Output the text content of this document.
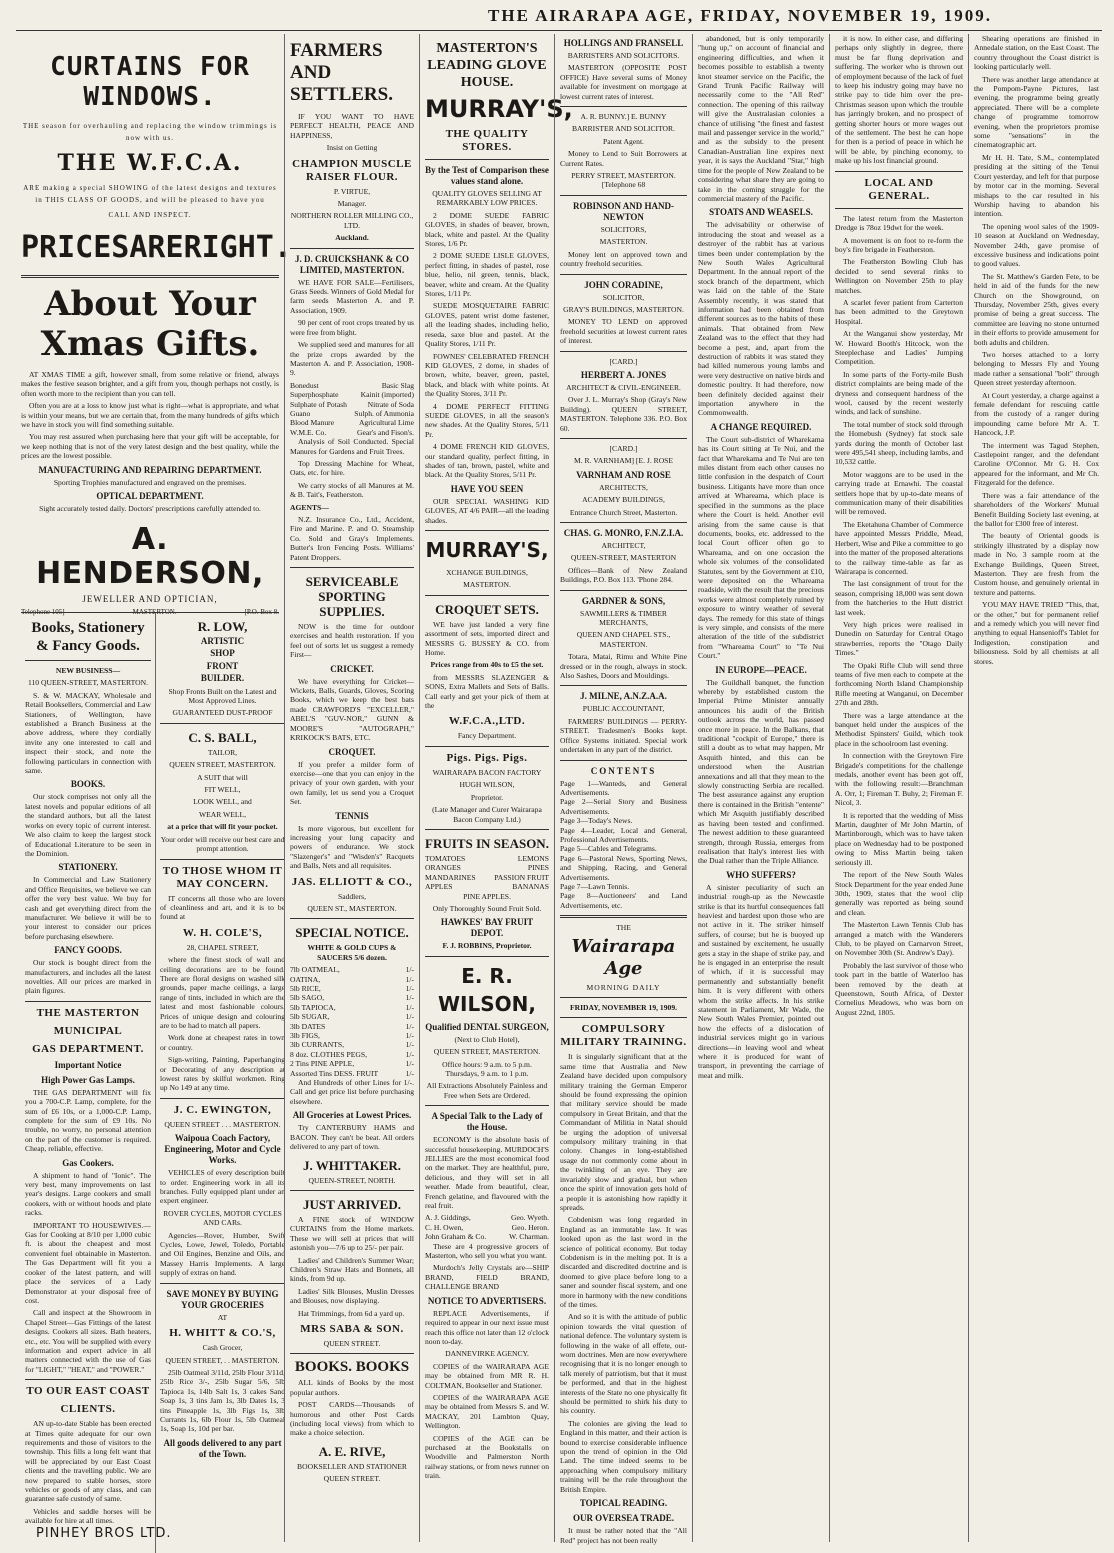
THE AIRARAPA AGE, FRIDAY, NOVEMBER 19, 1909.
CURTAINS FOR WINDOWS.

THE season for overhauling and replacing the window trimmings is now with us.

THE W.F.C.A.

ARE making a special SHOWING of the latest designs and textures in THIS CLASS OF GOODS, and will be pleased to have you

CALL AND INSPECT.

PRICES ARE RIGHT.
About Your Xmas Gifts.

AT XMAS TIME a gift, however small, from some relative or friend, always makes the festive season brighter, and a gift from you, though perhaps not costly, is often worth more to the recipient than you can tell.

Often you are at a loss to know just what is right—what is appropriate, and what is within your means, but we are certain that, from the many hundreds of gifts which we have in stock you will find something suitable.

You may rest assured when purchasing here that your gift will be acceptable, for we keep nothing that is not of the very latest design and the best quality, while the prices are the lowest possible.

MANUFACTURING AND REPAIRING DEPARTMENT.

Sporting Trophies manufactured and engraved on the premises.

OPTICAL DEPARTMENT.

Sight accurately tested daily. Doctors' prescriptions carefully attended to.

A. HENDERSON,

JEWELLER AND OPTICIAN,

Telephone 105]	MASTERTON.	[P.O. Box 8.
Books, Stationery & Fancy Goods.

NEW BUSINESS—

110 QUEEN-STREET, MASTERTON.

S. & W. MACKAY, Wholesale and Retail Booksellers, Commercial and Law Stationers, of Wellington, have established a Branch Business at the above address, where they cordially invite any one interested to call and inspect their stock, and note the following particulars in connection with same.

BOOKS.

Our stock comprises not only all the latest novels and popular editions of all the standard authors, but all the latest works on every topic of current interest. We also claim to keep the largest stock of Educational Literature to be seen in the Dominion.

STATIONERY.

In Commercial and Law Stationery and Office Requisites, we believe we can offer the very best value. We buy for cash and get everything direct from the manufacturer. We believe it will be to your interest to consider our prices before purchasing elsewhere.

FANCY GOODS.

Our stock is bought direct from the manufacturers, and includes all the latest novelties. All our prices are marked in plain figures.

THE MASTERTON
MUNICIPAL
GAS DEPARTMENT.
Important Notice
High Power Gas Lamps.

THE GAS DEPARTMENT will fix you a 700-C.P. Lamp, complete, for the sum of £6 10s, or a 1,000-C.P. Lamp, complete for the sum of £9 10s. No trouble, no worry, no personal attention on the part of the customer is required. Cheap, reliable, effective.

Gas Cookers.

A shipment to hand of "Ionic". The very best, many improvements on last year's designs. Large cookers and small cookers, with or without hoods and plate racks.

IMPORTANT TO HOUSEWIVES.—Gas for Cooking at 8/10 per 1,000 cubic ft. is about the cheapest and most convenient fuel obtainable in Masterton. The Gas Department will fit you a cooker of the latest pattern, and will place the services of a Lady Demonstrator at your disposal free of cost.

Call and inspect at the Showroom in Chapel Street—Gas Fittings of the latest designs. Cookers all sizes. Bath heaters, etc., etc. You will be supplied with every information and expert advice in all matters connected with the use of Gas for "LIGHT," "HEAT," and "POWER."

TO OUR EAST COAST
CLIENTS.

AN up-to-date Stable has been erected at Times quite adequate for our own requirements and those of visitors to the township. This fills a long felt want that will be appreciated by our East Coast clients and the travelling public. We are now prepared to stable horses, store vehicles or goods of any class, and can guarantee safe custody of same.

Vehicles and saddle horses will be available for hire at all times.

R. LOW,

ARTISTIC

SHOP

FRONT

BUILDER.

Shop Fronts Built on the Latest and Most Approved Lines.

GUARANTEED DUST-PROOF

C. S. BALL,

TAILOR,

QUEEN STREET, MASTERTON.

A SUIT that will

FIT WELL,

LOOK WELL, and

WEAR WELL,

at a price that will fit your pocket.

Your order will receive our best care and prompt attention.

TO THOSE WHOM IT MAY CONCERN.

IT concerns all those who are lovers of cleanliness and art, and it is to be found at

W. H. COLE'S,

28, CHAPEL STREET,

where the finest stock of wall and ceiling decorations are to be found. There are floral designs on washed silk grounds, paper mache ceilings, a large range of tints, included in which are the latest and most fashionable colours. Prices of unique design and colouring are to be had to match all papers.

Work done at cheapest rates in town or country.

Sign-writing, Painting, Paperhanging or Decorating of any description at lowest rates by skilful workmen. Ring up No 149 at any time.

J. C. EWINGTON,

QUEEN STREET . . . MASTERTON.

Waipoua Coach Factory, Engineering, Motor and Cycle Works.

VEHICLES of every description built to order. Engineering work in all its branches. Fully equipped plant under an expert engineer.

ROVER CYCLES, MOTOR CYCLES AND CARs.

Agencies—Rover, Humber, Swift Cycles, Lowe, Jewel, Toledo, Portable and Oil Engines, Benzine and Oils, and Massey Harris Implements. A large supply of extras on hand.

SAVE MONEY BY BUYING YOUR GROCERIES

AT

H. WHITT & CO.'S,

Cash Grocer,

QUEEN STREET, . . MASTERTON.

25lb Oatmeal 3/11d, 25lb Flour 3/11d, 25lb Rice 3/-, 25lb Sugar 5/6, 5lb Tapioca 1s, 14lb Salt 1s, 3 cakes Sand Soap 1s, 3 tins Jam 1s, 3lb Dates 1s, 3 tins Pineapple 1s, 3lb Figs 1s, 3lb Currants 1s, 6lb Flour 1s, 5lb Oatmeal 1s, Soap 1s, 10d per bar.

All goods delivered to any part of the Town.
PINHEY BROS LTD.
FARMERS AND SETTLERS.

IF YOU WANT TO HAVE PERFECT HEALTH, PEACE AND HAPPINESS,

Insist on Getting

CHAMPION MUSCLE RAISER FLOUR.

P. VIRTUE,

Manager.

NORTHERN ROLLER MILLING CO., LTD.

Auckland.

J. D. CRUICKSHANK & CO LIMITED, MASTERTON.

WE HAVE FOR SALE—Fertilisers, Grass Seeds. Winners of Gold Medal for farm seeds Masterton A. and P. Association, 1909.

90 per cent of root crops treated by us were free from blight.

We supplied seed and manures for all the prize crops awarded by the Masterton A. and P. Association, 1908-9.

Bonedust	Basic Slag
Superphosphate	Kainit (imported)
Sulphate of Potash	Nitrate of Soda
Guano	Sulph. of Ammonia
Blood Manure	Agricultural Lime
W.M.E. Co.	Gear's and Fison's.

Analysis of Soil Conducted. Special Manures for Gardens and Fruit Trees.

Top Dressing Machine for Wheat, Oats, etc. for hire.

We carry stocks of all Manures at M. & B. Tait's, Featherston.

AGENTS—

N.Z. Insurance Co., Ltd., Accident, Fire and Marine. P. and O. Steamship Co. Sold and Gray's Implements. Butter's Iron Fencing Posts. Williams' Patent Droppers.

SERVICEABLE SPORTING SUPPLIES.

NOW is the time for outdoor exercises and health restoration. If you feel out of sorts let us suggest a remedy First—

CRICKET.

We have everything for Cricket—Wickets, Balls, Guards, Gloves, Scoring Books, which we keep the best bats made CRAWFORD'S "EXCELLER," ABEL'S "GUV-NOR," GUNN & MOORE'S "AUTOGRAPH," KRIKOCK'S BATS, ETC.

CROQUET.

If you prefer a milder form of exercise—one that you can enjoy in the privacy of your own garden, with your own family, let us send you a Croquet Set.

TENNIS

Is more vigorous, but excellent for increasing your lung capacity and powers of endurance. We stock "Slazenger's" and "Wisden's" Racquets and Balls, Nets and all requisites.

JAS. ELLIOTT & CO.,

Saddlers,

QUEEN ST., MASTERTON.

SPECIAL NOTICE.

WHITE & GOLD CUPS & SAUCERS 5/6 dozen.

7lb OATMEAL,	1/-
OATINA,	1/-
5lb RICE,	1/-
5lb SAGO,	1/-
5lb TAPIOCA,	1/-
5lb SUGAR,	1/-
3lb DATES	1/-
3lb FIGS,	1/-
3lb CURRANTS,	1/-
8 doz. CLOTHES PEGS,	1/-
2 Tins PINE APPLE,	1/-
Assorted Tins DESS. FRUIT	1/-

And Hundreds of other Lines for 1/-. Call and get price list before purchasing elsewhere.

All Groceries at Lowest Prices.

Try CANTERBURY HAMS and BACON. They can't be beat. All orders delivered to any part of town.

J. WHITTAKER.

QUEEN-STREET, NORTH.

JUST ARRIVED.

A FINE stock of WINDOW CURTAINS from the Home markets. These we will sell at prices that will astonish you—7/6 up to 25/- per pair.

Ladies' and Children's Summer Wear; Children's Straw Hats and Bonnets, all kinds, from 9d up.

Ladies' Silk Blouses, Muslin Dresses and Blouses, now displaying.

Hat Trimmings, from 6d a yard up.

MRS SABA & SON.

QUEEN STREET.

BOOKS. BOOKS

ALL kinds of Books by the most popular authors.

POST CARDS—Thousands of humorous and other Post Cards (including local views) from which to make a choice selection.

A. E. RIVE,

BOOKSELLER AND STATIONER

QUEEN STREET.

MASTERTON'S LEADING GLOVE HOUSE.
MURRAY'S,
THE QUALITY STORES.
By the Test of Comparison these values stand alone.

QUALITY GLOVES SELLING AT REMARKABLY LOW PRICES.

2 DOME SUEDE FABRIC GLOVES, in shades of beaver, brown, black, white and pastel. At the Quality Stores, 1/6 Pr.

2 DOME SUEDE LISLE GLOVES, perfect fitting, in shades of pastel, rose blue, helio, nil green, tennis, black, beaver, white and cream. At the Quality Stores, 1/11 Pr.

SUEDE MOSQUETAIRE FABRIC GLOVES, patent wrist dome fastener, all the leading shades, including helio, reseda, saxe blue and pastel. At the Quality Stores, 1/11 Pr.

FOWNES' CELEBRATED FRENCH KID GLOVES, 2 dome, in shades of brown, white, beaver, green, pastel, black, and black with white points. At the Quality Stores, 3/11 Pr.

4 DOME PERFECT FITTING SUEDE GLOVES, in all the season's new shades. At the Quality Stores, 5/11 Pr.

4 DOME FRENCH KID GLOVES, our standard quality, perfect fitting, in shades of tan, brown, pastel, white and black. At the Quality Stores, 5/11 Pr.

HAVE YOU SEEN

OUR SPECIAL WASHING KID GLOVES, AT 4/6 PAIR—all the leading shades.

MURRAY'S,

XCHANGE BUILDINGS,

MASTERTON.

CROQUET SETS.

WE have just landed a very fine assortment of sets, imported direct and MESSRS G. BUSSEY & CO. from Home.

Prices range from 40s to £5 the set.

from MESSRS SLAZENGER & SONS, Extra Mallets and Sets of Balls. Call early and get your pick of them at the

W.F.C.A.,LTD.

Fancy Department.

Pigs. Pigs. Pigs.

WAIRARAPA BACON FACTORY

HUGH WILSON,

Proprietor.

(Late Manager and Curer Wairarapa Bacon Company Ltd.)

FRUITS IN SEASON.
TOMATOES	LEMONS
ORANGES	PINES
MANDARINES PASSION FRUIT
APPLES	BANANAS

PINE APPLES.

Only Thoroughly Sound Fruit Sold.

HAWKES' BAY FRUIT DEPOT.

F. J. ROBBINS, Proprietor.

E. R. WILSON,
Qualified DENTAL SURGEON,

(Next to Club Hotel),

QUEEN STREET, MASTERTON.

Office hours: 9 a.m. to 5 p.m. Thursdays, 9 a.m. to 1 p.m.

All Extractions Absolutely Painless and Free when Sets are Ordered.

A Special Talk to the Lady of the House.

ECONOMY is the absolute basis of successful housekeeping. MURDOCH'S JELLIES are the most economical food on the market. They are healthful, pure, delicious, and they will set in all weather. Made from beautiful, clear, French gelatine, and flavoured with the real fruit.

A. J. Giddings,	Geo. Wyeth.
C. H. Owen,	Geo. Heron.
John Graham & Co.	W. Charman.

These are 4 progressive grocers of Masterton, who sell you what you want.

Murdoch's Jelly Crystals are—SHIP BRAND, FIELD BRAND, CHALLENGE BRAND

NOTICE TO ADVERTISERS.

REPLACE Advertisements, if required to appear in our next issue must reach this office not later than 12 o'clock noon to-day.

DANNEVIRKE AGENCY.

COPIES of the WAIRARAPA AGE may be obtained from MR R. H. COLTMAN, Bookseller and Stationer.

COPIES of the WAIRARAPA AGE may be obtained from Messrs S. and W. MACKAY, 201 Lambton Quay, Wellington.

COPIES of the AGE can be purchased at the Bookstalls on Woodville and Palmerston North railway stations, or from news runner on train.

HOLLINGS AND FRANSELL

BARRISTERS AND SOLICITORS.

MASTERTON (OPPOSITE POST OFFICE) Have several sums of Money available for investment on mortgage at lowest current rates of interest.

A. R. BUNNY.] E. BUNNY

BARRISTER AND SOLICITOR.

Patent Agent.

Money to Lend to Suit Borrowers at Current Rates.

PERRY STREET, MASTERTON. [Telephone 68

ROBINSON AND HAND-NEWTON

SOLICITORS,

MASTERTON.

Money lent on approved town and country freehold securities.

JOHN CORADINE,

SOLICITOR,

GRAY'S BUILDINGS, MASTERTON.

MONEY TO LEND on approved freehold securities at lowest current rates of interest.

[CARD.]

HERBERT A. JONES

ARCHITECT & CIVIL-ENGINEER.

Over J. L. Murray's Shop (Gray's New Building). QUEEN STREET, MASTERTON. Telephone 336. P.O. Box 60.

[CARD.]

M. R. VARNHAM] [E. J. ROSE

VARNHAM AND ROSE

ARCHITECTS,

ACADEMY BUILDINGS,

Entrance Church Street, Masterton.

CHAS. G. MONRO, F.N.Z.I.A.

ARCHITECT,

QUEEN-STREET, MASTERTON

Offices—Bank of New Zealand Buildings, P.O. Box 113. 'Phone 284.

GARDNER & SONS,

SAWMILLERS & TIMBER MERCHANTS,

QUEEN AND CHAPEL STS., MASTERTON.

Totara, Matai, Rimu and White Pine dressed or in the rough, always in stock. Also Sashes, Doors and Mouldings.

J. MILNE, A.N.Z.A.A.

PUBLIC ACCOUNTANT,

FARMERS' BUILDINGS — PERRY-STREET. Tradesmen's Books kept. Office Systems initiated. Special work undertaken in any part of the district.

CONTENTS
Page 1—Wanteds, and General Advertisements.
Page 2—Serial Story and Business Advertisements.
Page 3—Today's News.
Page 4—Leader, Local and General, Professional Advertisements.
Page 5—Cables and Telegrams.
Page 6—Pastoral News, Sporting News, and Shipping, Racing, and General Advertisements.
Page 7—Lawn Tennis.
Page 8—Auctioneers' and Land Advertisements, etc.

THE

Wairarapa Age

MORNING DAILY

FRIDAY, NOVEMBER 19, 1909.

COMPULSORY MILITARY TRAINING.

It is singularly significant that at the same time that Australia and New Zealand have decided upon compulsory military training the German Emperor should be found expressing the opinion that military service should be made compulsory in Great Britain, and that the Commandant of Militia in Natal should be urging the adoption of universal compulsory military training in that colony. Changes in long-established usage do not commonly come about in the twinkling of an eye. They are invariably slow and gradual, but when once the spirit of innovation gets hold of a people it is astonishing how rapidly it spreads.

Cobdenism was long regarded in England as an immutable law. It was looked upon as the last word in the science of political economy. But today Cobdenism is in the melting pot. It is a discarded and discredited doctrine and is doomed to give place before long to a saner and sounder fiscal system, and one more in harmony with the new conditions of the times.

And so it is with the attitude of public opinion towards the vital question of national defence. The voluntary system is following in the wake of all effete, out-worn doctrines. Men are now everywhere recognising that it is no longer enough to talk merely of patriotism, but that it must be performed, and that in the highest interests of the State no one physically fit should be permitted to shirk his duty to his country.

The colonies are giving the lead to England in this matter, and their action is bound to exercise considerable influence upon the trend of opinion in the Old Land. The time indeed seems to be approaching when compulsory military training will be the rule throughout the British Empire.

TOPICAL READING.
OUR OVERSEA TRADE.

It must be rather noted that the "All Red" project has not been really

abandoned, but is only temporarily "hung up," on account of financial and engineering difficulties, and when it becomes possible to establish a twenty knot steamer service on the Pacific, the Grand Trunk Pacific Railway will necessarily come to the "All Red" connection. The opening of this railway will give the Australasian colonies a chance of utilising "the finest and fastest mail and passenger service in the world," and as the subsidy to the present Canadian-Australian line expires next year, it is says the Auckland "Star," high time for the people of New Zealand to be considering what share they are going to take in the coming struggle for the commercial mastery of the Pacific.

STOATS AND WEASELS.

The advisability or otherwise of introducing the stoat and weasel as a destroyer of the rabbit has at various times been under contemplation by the New South Wales Agricultural Department. In the annual report of the stock branch of the department, which was laid on the table of the State Assembly recently, it was stated that information had been obtained from different sources as to the habits of these animals. That obtained from New Zealand was to the effect that they had become a pest, and, apart from the destruction of rabbits it was stated they had killed numerous young lambs and were very destructive on native birds and domestic poultry. It had therefore, now been definitely decided against their importation anywhere in the Commonwealth.

A CHANGE REQUIRED.

The Court sub-district of Wharekama has its Court sitting at Te Nui, and the fact that Wharekama and Te Nui are ten miles distant from each other causes no little confusion in the despatch of Court business. Litigants have more than once arrived at Whareama, which place is specified in the summons as the place where the Court is held. Another evil arising from the same cause is that documents, books, etc. addressed to the local Court officer often go to Whareama, and on one occasion the whole six volumes of the consolidated Statutes, sent by the Government at £10, were deposited on the Whareama roadside, with the result that the precious works were almost completely ruined by exposure to wintry weather of several days. The remedy for this state of things is very simple, and consists of the mere alteration of the title of the subdistrict from "Whareama Court" to "Te Nui Court."

IN EUROPE—PEACE.

The Guildhall banquet, the function whereby by established custom the Imperial Prime Minister annually announces his audit of the British outlook across the world, has passed once more in peace. In the Balkans, that traditional "cockpit of Europe," there is still a doubt as to what may happen, Mr Asquith hinted, and this can be understood when the Austrian annexations and all that they mean to the slowly constructing Serbia are recalled. The best assurance against any eruption there is contained in the British "entente" which Mr Asquith justifiably described as having been tested and confirmed. The newest addition to these guaranteed strength, through Russia, emerges from realisation that Italy's interest lies with the Dual rather than the Triple Alliance.

WHO SUFFERS?

A sinister peculiarity of such an industrial rough-up as the Newcastle strike is that its hurtful consequences fall heaviest and hardest upon those who are not active in it. The striker himself suffers, of course; but he is buoyed up and sustained by excitement, he usually gets a stay in the shape of strike pay, and he is engaged in an enterprise the result of which, if it is successful may permanently and substantially benefit him. It is very different with others whom the strike affects. In his strike statement in Parliament, Mr Wade, the New South Wales Premier, pointed out how the effects of a dislocation of industrial services might go in various directions—in leaving wool and wheat where it is produced for want of transport, in preventing the carriage of meat and milk.

it is now. In either case, and differing perhaps only slightly in degree, there must be far flung deprivation and suffering. The worker who is thrown out of employment because of the lack of fuel to keep his industry going may have no strike pay to tide him over the pre-Christmas season upon which the trouble has jarringly broken, and no prospect of getting shorter hours or more wages out of the settlement. The best he can hope for then is a period of peace in which he will be able, by pinching economy, to make up his lost financial ground.

LOCAL AND GENERAL.

The latest return from the Masterton Dredge is 78oz 19dwt for the week.

A movement is on foot to re-form the boy's fire brigade in Featherston.

The Featherston Bowling Club has decided to send several rinks to Wellington on November 25th to play matches.

A scarlet fever patient from Carterton has been admitted to the Greytown Hospital.

At the Wanganui show yesterday, Mr W. Howard Booth's Hitcock, won the Steeplechase and Ladies' Jumping Competition.

In some parts of the Forty-mile Bush district complaints are being made of the dryness and consequent hardness of the wool, caused by the recent westerly winds, and lack of sunshine.

The total number of stock sold through the Homebush (Sydney) fat stock sale yards during the month of October last were 495,541 sheep, including lambs, and 10,532 cattle.

Motor waggons are to be used in the carrying trade at Ernawhi. The coastal settlers hope that by up-to-date means of communication many of their disabilities will be removed.

The Eketahuna Chamber of Commerce have appointed Messrs Priddle, Mead, Herbert, Wise and Pike a committee to go into the matter of the proposed alterations to the railway time-table as far as Wairarapa is concerned.

The last consignment of trout for the season, comprising 18,000 was sent down from the hatcheries to the Hutt district last week.

Very high prices were realised in Dunedin on Saturday for Central Otago strawberries, reports the "Otago Daily Times."

The Opaki Rifle Club will send three teams of five men each to compete at the forthcoming North Island Championship Rifle meeting at Wanganui, on December 27th and 28th.

There was a large attendance at the banquet held under the auspices of the Methodist Spinsters' Guild, which took place in the schoolroom last evening.

In connection with the Greytown Fire Brigade's competitions for the challenge medals, another event has been got off, with the following result:—Branchman A. Orr, 1; Fireman T. Buhy, 2; Fireman F. Nicol, 3.

It is reported that the wedding of Miss Martin, daughter of Mr John Martin, of Martinborough, which was to have taken place on Wednesday had to be postponed owing to Miss Martin being taken seriously ill.

The report of the New South Wales Stock Department for the year ended June 30th, 1909, states that the wool clip generally was reported as being sound and clean.

The Masterton Lawn Tennis Club has arranged a match with the Wanderers Club, to be played on Carnarvon Street, on November 30th (St. Andrew's Day).

Probably the last survivor of those who took part in the battle of Waterloo has been removed by the death at Queenstown, South Africa, of Dexter Cornelius Meadows, who was born on August 22nd, 1805.

Shearing operations are finished in Annedale station, on the East Coast. The country throughout the Coast district is looking particularly well.

There was another large attendance at the Pompom-Payne Pictures, last evening, the programme being greatly appreciated. There will be a complete change of programme tomorrow evening, when the proprietors promise some "sensations" in the cinematographic art.

Mr H. H. Tate, S.M., contemplated presiding at the sitting of the Tenui Court yesterday, and left for that purpose by motor car in the morning. Several mishaps to the car resulted in his Worship having to abandon his intention.

The opening wool sales of the 1909-10 season at Auckland on Wednesday, November 24th, gave promise of excessive business and indications point to good values.

The St. Matthew's Garden Fete, to be held in aid of the funds for the new Church on the Showground, on Thursday, November 25th, gives every promise of being a great success. The committee are leaving no stone unturned in their efforts to provide amusement for both adults and children.

Two horses attached to a lorry belonging to Messrs Fly and Young made rather a sensational "bolt" through Queen street yesterday afternoon.

At Court yesterday, a charge against a female defendant for rescuing cattle from the custody of a ranger during impounding came before Mr A. T. Hancock, J.P.

The interment was Tagud Stephen, Castlepoint ranger, and the defendant Caroline O'Connor. Mr G. H. Cox appeared for the informant, and Mr Ch. Fitzgerald for the defence.

There was a fair attendance of the shareholders of the Workers' Mutual Benefit Building Society last evening, at the ballot for £300 free of interest.

The beauty of Oriental goods is strikingly illustrated by a display now made in No. 3 sample room at the Exchange Buildings, Queen Street, Masterton. They are fresh from the Custom house, and genuinely oriental in texture and patterns.

YOU MAY HAVE TRIED "This, that, or the other," but for permanent relief and a remedy which you will never find anything to equal Hansenioff's Tablet for Indigestion, constipation and biliousness. Sold by all chemists at all stores.
